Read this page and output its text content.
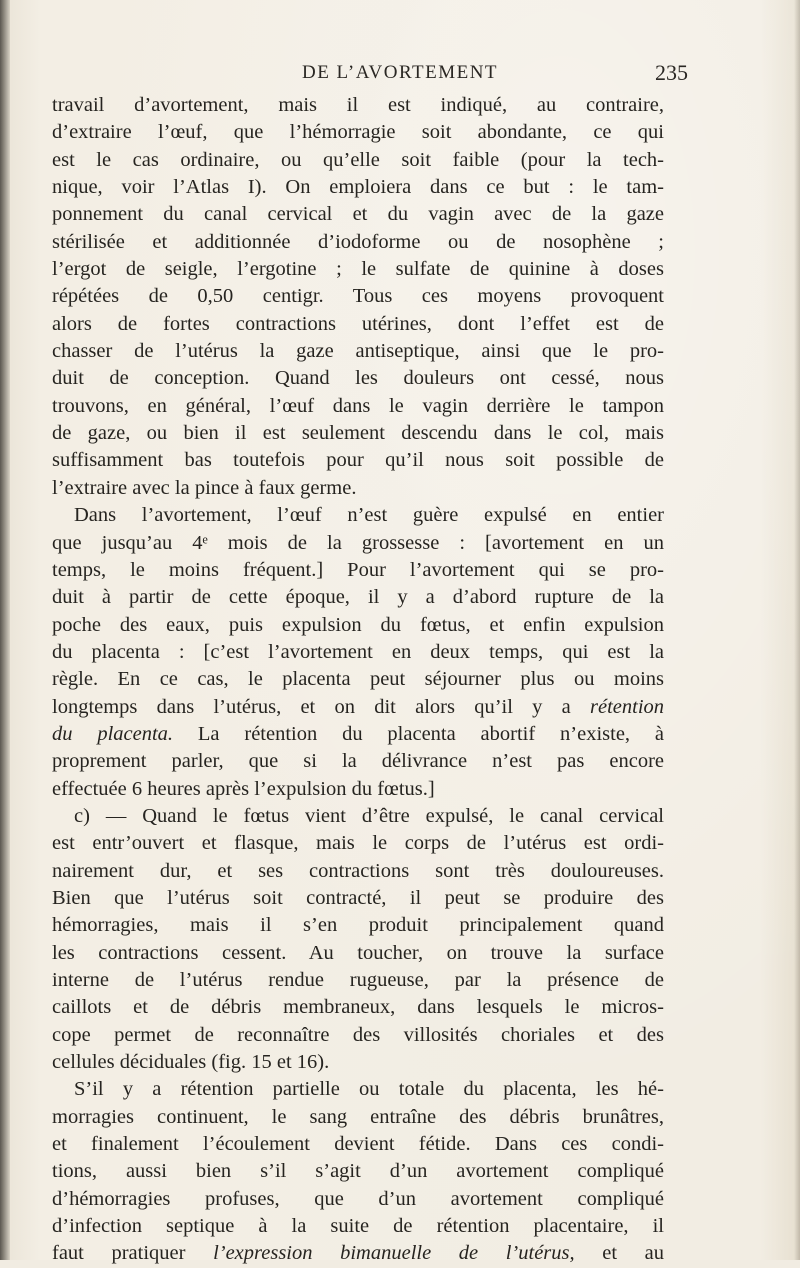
DE L’AVORTEMENT	235
travail d’avortement, mais il est indiqué, au contraire,
d’extraire l’œuf, que l’hémorragie soit abondante, ce qui
est le cas ordinaire, ou qu’elle soit faible (pour la tech-
nique, voir l’Atlas I). On emploiera dans ce but : le tam-
ponnement du canal cervical et du vagin avec de la gaze
stérilisée et additionnée d’iodoforme ou de nosophène ;
l’ergot de seigle, l’ergotine ; le sulfate de quinine à doses
répétées de 0,50 centigr. Tous ces moyens provoquent
alors de fortes contractions utérines, dont l’effet est de
chasser de l’utérus la gaze antiseptique, ainsi que le pro-
duit de conception. Quand les douleurs ont cessé, nous
trouvons, en général, l’œuf dans le vagin derrière le tampon
de gaze, ou bien il est seulement descendu dans le col, mais
suffisamment bas toutefois pour qu’il nous soit possible de
l’extraire avec la pince à faux germe.
Dans l’avortement, l’œuf n’est guère expulsé en entier
que jusqu’au 4ᵉ mois de la grossesse : [avortement en un
temps, le moins fréquent.] Pour l’avortement qui se pro-
duit à partir de cette époque, il y a d’abord rupture de la
poche des eaux, puis expulsion du fœtus, et enfin expulsion
du placenta : [c’est l’avortement en deux temps, qui est la
règle. En ce cas, le placenta peut séjourner plus ou moins
longtemps dans l’utérus, et on dit alors qu’il y a rétention
du placenta. La rétention du placenta abortif n’existe, à
proprement parler, que si la délivrance n’est pas encore
effectuée 6 heures après l’expulsion du fœtus.]
c) — Quand le fœtus vient d’être expulsé, le canal cervical
est entr’ouvert et flasque, mais le corps de l’utérus est ordi-
nairement dur, et ses contractions sont très douloureuses.
Bien que l’utérus soit contracté, il peut se produire des
hémorragies, mais il s’en produit principalement quand
les contractions cessent. Au toucher, on trouve la surface
interne de l’utérus rendue rugueuse, par la présence de
caillots et de débris membraneux, dans lesquels le micros-
cope permet de reconnaître des villosités choriales et des
cellules déciduales (fig. 15 et 16).
S’il y a rétention partielle ou totale du placenta, les hé-
morragies continuent, le sang entraîne des débris brunâtres,
et finalement l’écoulement devient fétide. Dans ces condi-
tions, aussi bien s’il s’agit d’un avortement compliqué
d’hémorragies profuses, que d’un avortement compliqué
d’infection septique à la suite de rétention placentaire, il
faut pratiquer l’expression bimanuelle de l’utérus, et au
